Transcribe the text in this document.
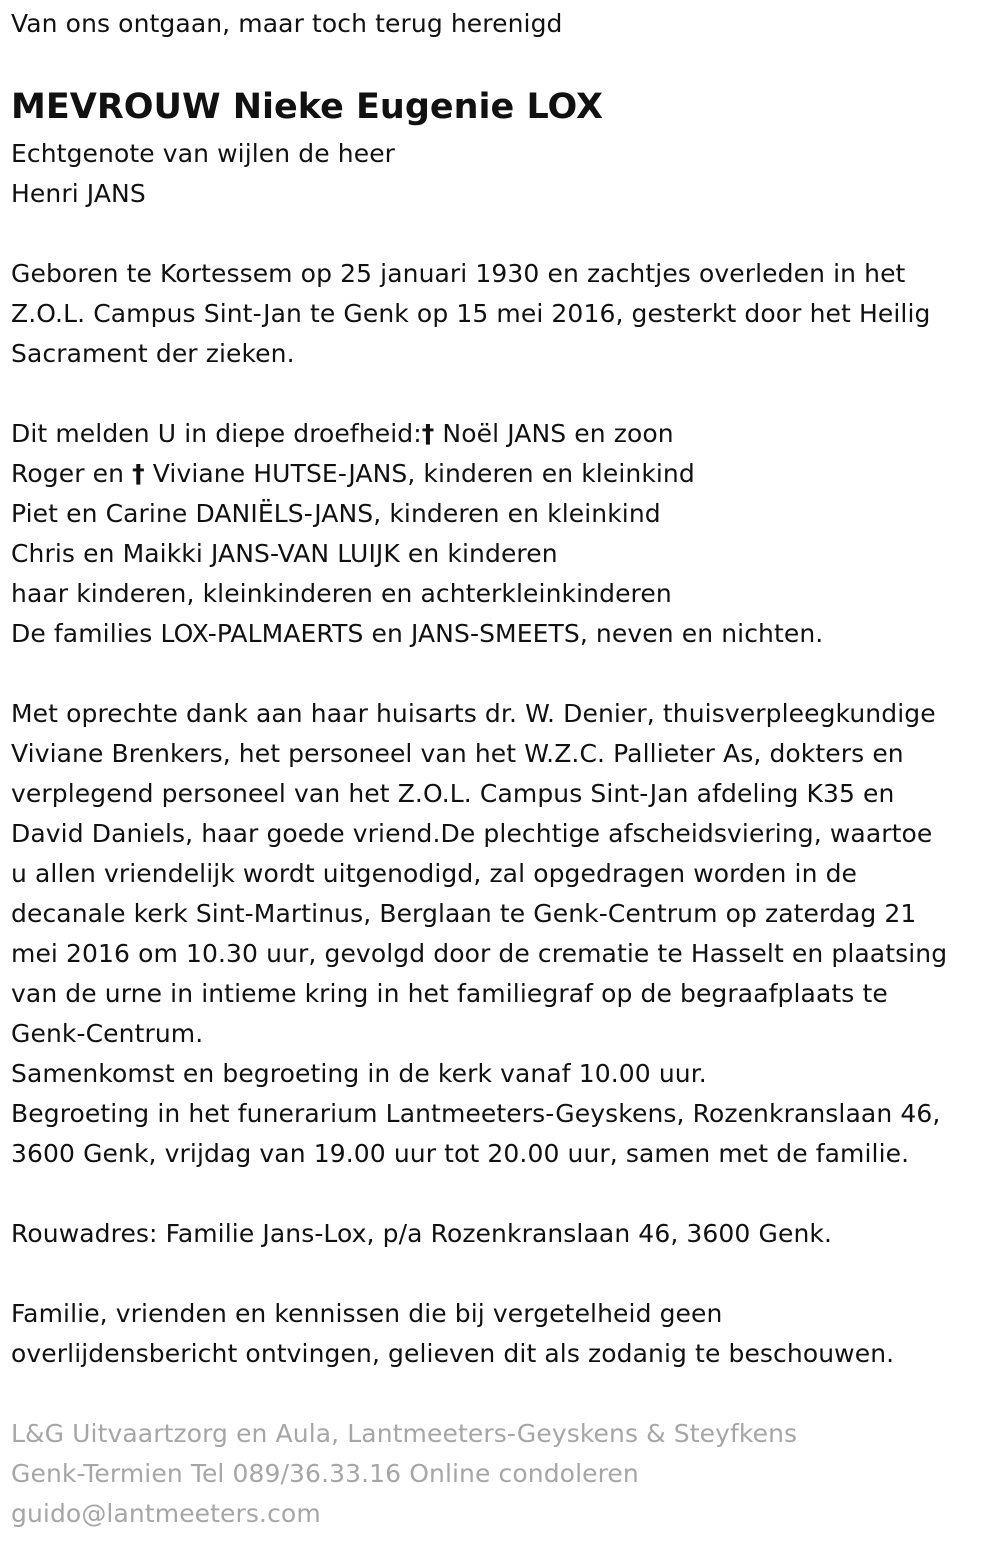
Van ons ontgaan, maar toch terug herenigd
MEVROUW Nieke Eugenie LOX
Echtgenote van wijlen de heer
Henri JANS
Geboren te Kortessem op 25 januari 1930 en zachtjes overleden in het
Z.O.L. Campus Sint-Jan te Genk op 15 mei 2016, gesterkt door het Heilig
Sacrament der zieken.
Dit melden U in diepe droefheid:† Noël JANS en zoon
Roger en † Viviane HUTSE-JANS, kinderen en kleinkind
Piet en Carine DANIËLS-JANS, kinderen en kleinkind
Chris en Maikki JANS-VAN LUIJK en kinderen
haar kinderen, kleinkinderen en achterkleinkinderen
De families LOX-PALMAERTS en JANS-SMEETS, neven en nichten.
Met oprechte dank aan haar huisarts dr. W. Denier, thuisverpleegkundige
Viviane Brenkers, het personeel van het W.Z.C. Pallieter As, dokters en
verplegend personeel van het Z.O.L. Campus Sint-Jan afdeling K35 en
David Daniels, haar goede vriend.De plechtige afscheidsviering, waartoe
u allen vriendelijk wordt uitgenodigd, zal opgedragen worden in de
decanale kerk Sint-Martinus, Berglaan te Genk-Centrum op zaterdag 21
mei 2016 om 10.30 uur, gevolgd door de crematie te Hasselt en plaatsing
van de urne in intieme kring in het familiegraf op de begraafplaats te
Genk-Centrum.
Samenkomst en begroeting in de kerk vanaf 10.00 uur.
Begroeting in het funerarium Lantmeeters-Geyskens, Rozenkranslaan 46,
3600 Genk, vrijdag van 19.00 uur tot 20.00 uur, samen met de familie.
Rouwadres: Familie Jans-Lox, p/a Rozenkranslaan 46, 3600 Genk.
Familie, vrienden en kennissen die bij vergetelheid geen
overlijdensbericht ontvingen, gelieven dit als zodanig te beschouwen.
L&G Uitvaartzorg en Aula, Lantmeeters-Geyskens & Steyfkens
Genk-Termien Tel 089/36.33.16 Online condoleren
guido@lantmeeters.com
